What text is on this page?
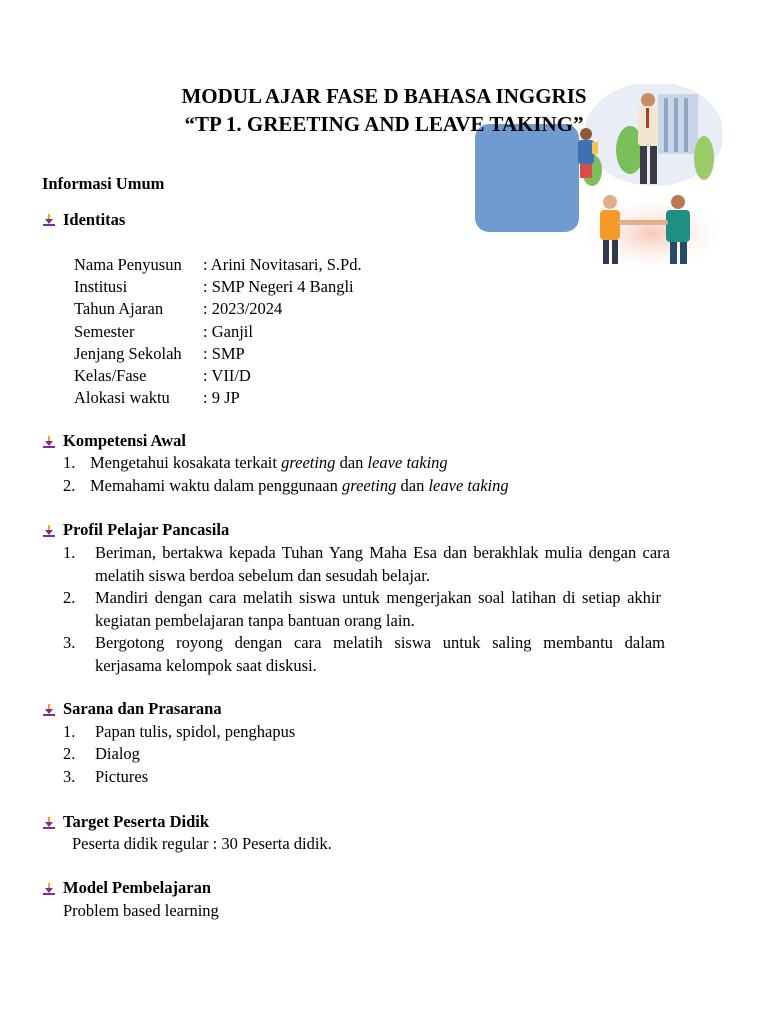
MODUL AJAR FASE D BAHASA INGGRIS
“TP 1. GREETING AND LEAVE TAKING”
Informasi Umum
Identitas
Nama Penyusun : Arini Novitasari, S.Pd.
Institusi	: SMP Negeri 4 Bangli
Tahun Ajaran : 2023/2024
Semester	: Ganjil
Jenjang Sekolah : SMP
Kelas/Fase	: VII/D
Alokasi waktu : 9 JP
Kompetensi Awal
1. Mengetahui kosakata terkait greeting dan leave taking
2. Memahami waktu dalam penggunaan greeting dan leave taking
Profil Pelajar Pancasila
1. Beriman, bertakwa kepada Tuhan Yang Maha Esa dan berakhlak mulia dengan cara melatih siswa berdoa sebelum dan sesudah belajar.
2. Mandiri dengan cara melatih siswa untuk mengerjakan soal latihan di setiap akhir kegiatan pembelajaran tanpa bantuan orang lain.
3. Bergotong royong dengan cara melatih siswa untuk saling membantu dalam kerjasama kelompok saat diskusi.
Sarana dan Prasarana
1. Papan tulis, spidol, penghapus
2. Dialog
3. Pictures
Target Peserta Didik
Peserta didik regular : 30 Peserta didik.
Model Pembelajaran
Problem based learning
